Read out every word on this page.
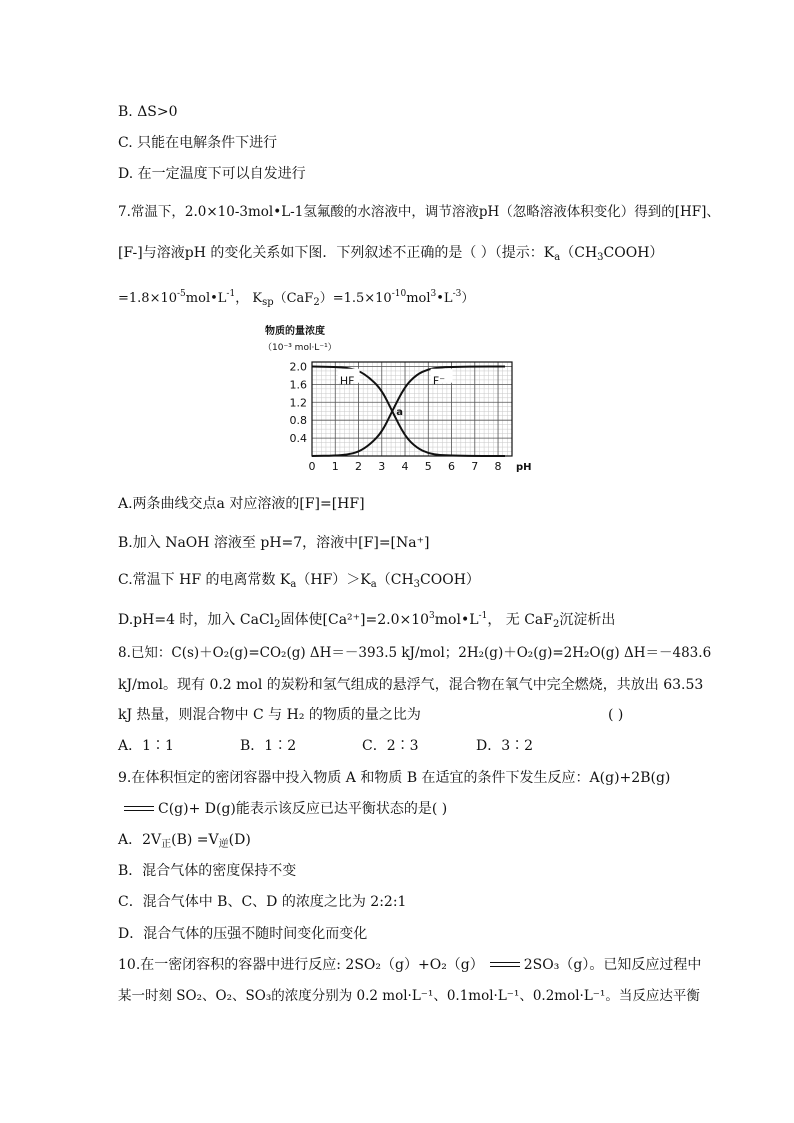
B. ΔS>0
C. 只能在电解条件下进行
D. 在一定温度下可以自发进行
7.常温下，2.0×10-3mol•L-1氢氟酸的水溶液中，调节溶液pH（忽略溶液体积变化）得到的[HF]、
[F-]与溶液pH 的变化关系如下图．下列叙述不正确的是（ ）（提示：$K_a(CH_3COOH)$
$=1.8\times 10^{-5}mol•L^{-1}$， $K_{sp}(CaF_2)=1.5\times 10^{-10}mol^3•L^{-3}$）
物质的量浓度
（10⁻³ mol·L⁻¹）
0.4
0.8
1.2
1.6
2.0
0 1 2 3 4 5 6 7 8 pH
HF	F⁻
a
A.两条曲线交点a 对应溶液的[F]=[HF]
B.加入 NaOH 溶液至 pH=7，溶液中[F]=[Na⁺]
C.常温下 HF 的电离常数 $K_a(HF)>K_a(CH_3COOH)$
D.pH=4 时，加入 CaCl$_2$固体使$[Ca^{2+}]=2.0\times 10^3mol•L^{-1}$， 无 CaF$_2$沉淀析出
8.已知：C(s)＋O₂(g)=CO₂(g) ΔH＝－393.5 kJ/mol；2H₂(g)＋O₂(g)=2H₂O(g) ΔH＝－483.6
kJ/mol。现有 0.2 mol 的炭粉和氢气组成的悬浮气，混合物在氧气中完全燃烧，共放出 63.53
kJ 热量，则混合物中 C 与 H₂ 的物质的量之比为	( )
A．1∶1	B．1∶2	C．2∶3	D．3∶2
9.在体积恒定的密闭容器中投入物质 A 和物质 B 在适宜的条件下发生反应：A(g)+2B(g)
C(g)+ D(g)能表示该反应已达平衡状态的是( )
A．$2V_正(B) =V_逆(D)$
B．混合气体的密度保持不变
C．混合气体中 B、C、D 的浓度之比为 2:2:1
D．混合气体的压强不随时间变化而变化
10.在一密闭容积的容器中进行反应: 2SO₂（g）+O₂（g）	2SO₃（g）。已知反应过程中
某一时刻 SO₂、O₂、SO₃的浓度分别为 0.2 mol·L⁻¹、0.1mol·L⁻¹、0.2mol·L⁻¹。当反应达平衡
